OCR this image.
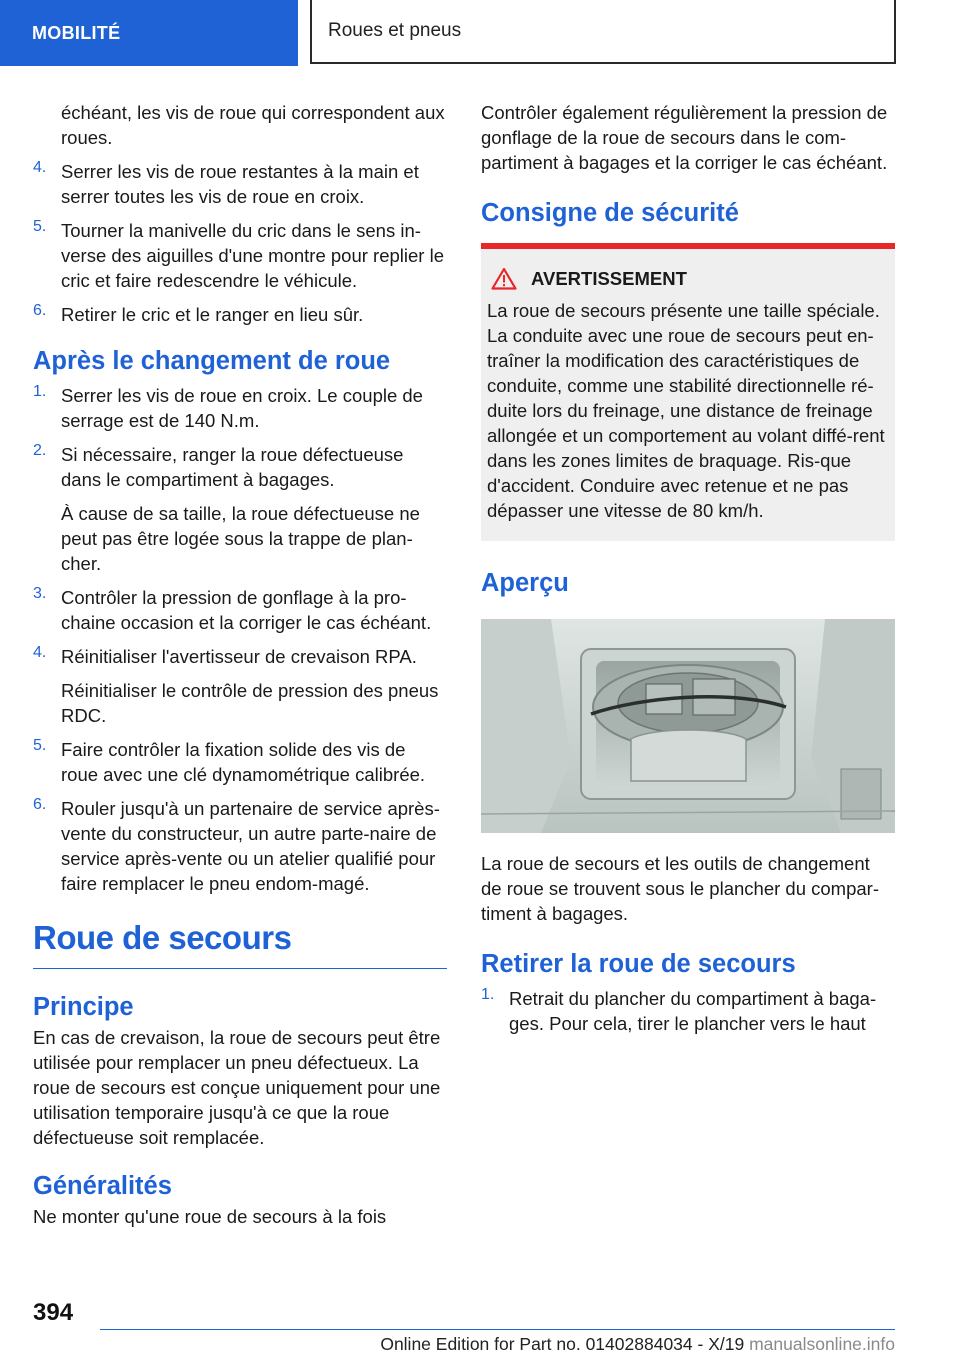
MOBILITÉ	Roues et pneus

échéant, les vis de roue qui correspondent aux roues.

4. Serrer les vis de roue restantes à la main et serrer toutes les vis de roue en croix.

5. Tourner la manivelle du cric dans le sens in-verse des aiguilles d'une montre pour replier le cric et faire redescendre le véhicule.

6. Retirer le cric et le ranger en lieu sûr.

Après le changement de roue
1. Serrer les vis de roue en croix. Le couple de serrage est de 140 N.m.

2. Si nécessaire, ranger la roue défectueuse dans le compartiment à bagages.

À cause de sa taille, la roue défectueuse ne peut pas être logée sous la trappe de plan-cher.

3. Contrôler la pression de gonflage à la pro-chaine occasion et la corriger le cas échéant.

4. Réinitialiser l'avertisseur de crevaison RPA.

Réinitialiser le contrôle de pression des pneus RDC.

5. Faire contrôler la fixation solide des vis de roue avec une clé dynamométrique calibrée.

6. Rouler jusqu'à un partenaire de service après-vente du constructeur, un autre parte-naire de service après-vente ou un atelier qualifié pour faire remplacer le pneu endom-magé.

Roue de secours
Principe

En cas de crevaison, la roue de secours peut être utilisée pour remplacer un pneu défectueux. La roue de secours est conçue uniquement pour une utilisation temporaire jusqu'à ce que la roue défectueuse soit remplacée.

Généralités

Ne monter qu'une roue de secours à la fois

Contrôler également régulièrement la pression de gonflage de la roue de secours dans le com-partiment à bagages et la corriger le cas échéant.

Consigne de sécurité
AVERTISSEMENT

La roue de secours présente une taille spéciale. La conduite avec une roue de secours peut en-traîner la modification des caractéristiques de conduite, comme une stabilité directionnelle ré-duite lors du freinage, une distance de freinage allongée et un comportement au volant diffé-rent dans les zones limites de braquage. Ris-que d'accident. Conduire avec retenue et ne pas dépasser une vitesse de 80 km/h.

Aperçu

La roue de secours et les outils de changement de roue se trouvent sous le plancher du compar-timent à bagages.

Retirer la roue de secours
1. Retrait du plancher du compartiment à baga-ges. Pour cela, tirer le plancher vers le haut

394
Online Edition for Part no. 01402884034 - X/19 manualsonline.info
